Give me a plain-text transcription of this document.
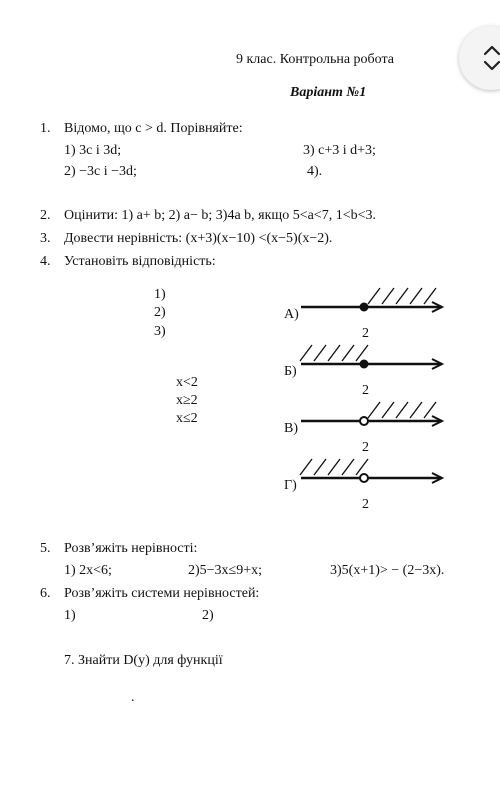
9 клас. Контрольна робота
Варіант №1
1. Відомо, що c > d. Порівняйте:
1) 3c і 3d;	3) c+3 і d+3;
2) −3c і −3d;	4).
2. Оцінити: 1) a+ b; 2) a− b; 3)4a b, якщо 5<a<7, 1<b<3.
3. Довести нерівність: (x+3)(x−10) <(x−5)(x−2).
4. Установіть відповідність:
1)
2)
3)
x<2
x≥2
x≤2
А)
2
Б)
2
В)
2
Г)
2
5. Розв’яжіть нерівності:
1) 2x<6;	2)5−3x≤9+x;	3)5(x+1)> − (2−3x).
6. Розв’яжіть системи нерівностей:
1)	2)
7. Знайти D(y) для функції
.
